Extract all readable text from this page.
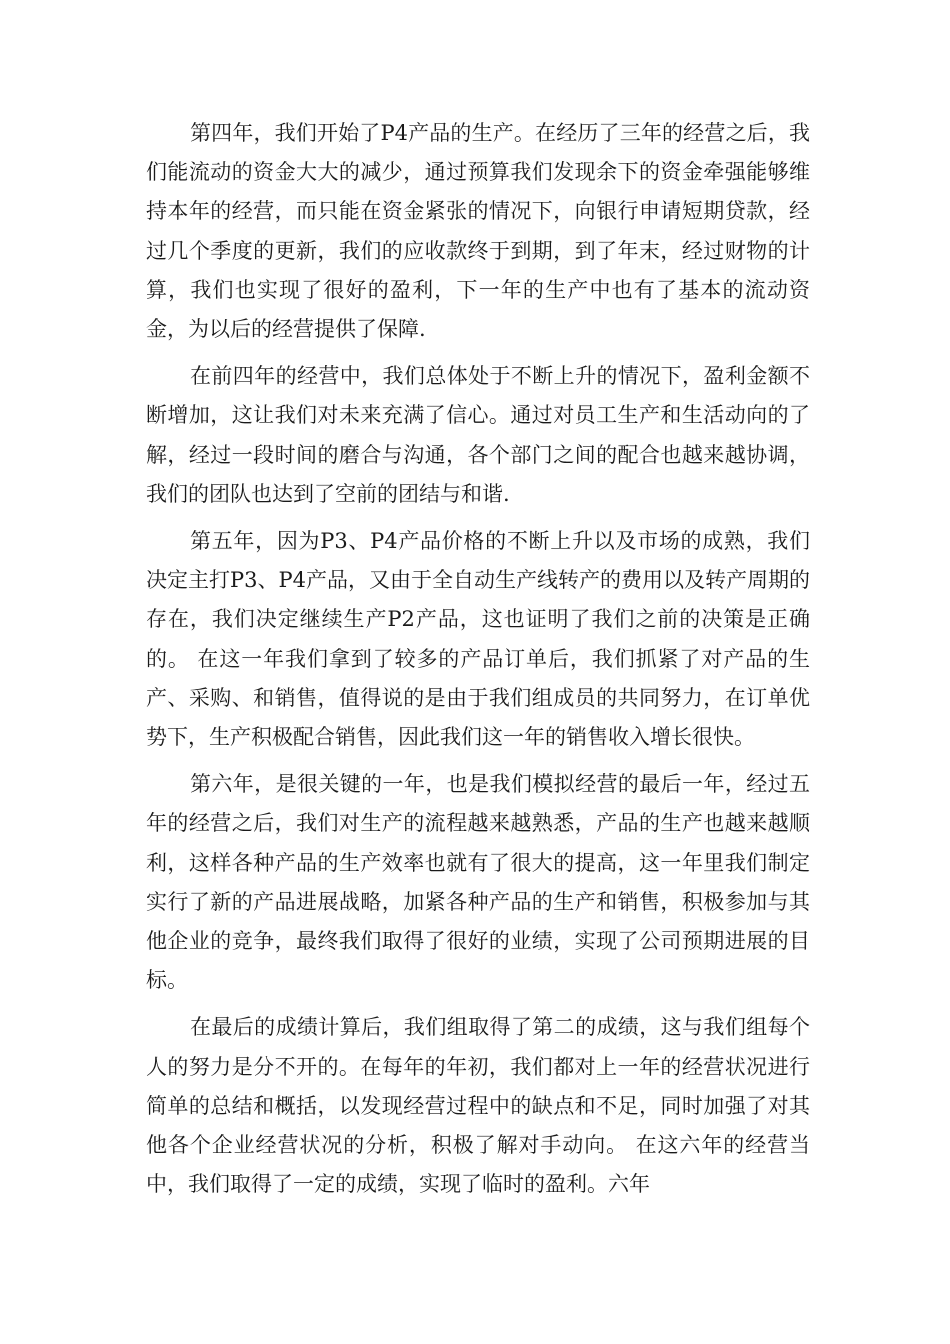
第四年，我们开始了P4产品的生产。在经历了三年的经营之后，我们能流动的资金大大的减少，通过预算我们发现余下的资金牵强能够维持本年的经营，而只能在资金紧张的情况下，向银行申请短期贷款，经过几个季度的更新，我们的应收款终于到期，到了年末，经过财物的计算，我们也实现了很好的盈利，下一年的生产中也有了基本的流动资金，为以后的经营提供了保障.

在前四年的经营中，我们总体处于不断上升的情况下，盈利金额不断增加，这让我们对未来充满了信心。通过对员工生产和生活动向的了解，经过一段时间的磨合与沟通，各个部门之间的配合也越来越协调，我们的团队也达到了空前的团结与和谐.

第五年，因为P3、P4产品价格的不断上升以及市场的成熟，我们决定主打P3、P4产品，又由于全自动生产线转产的费用以及转产周期的存在，我们决定继续生产P2产品，这也证明了我们之前的决策是正确的。 在这一年我们拿到了较多的产品订单后，我们抓紧了对产品的生产、采购、和销售，值得说的是由于我们组成员的共同努力，在订单优势下，生产积极配合销售，因此我们这一年的销售收入增长很快。

第六年，是很关键的一年，也是我们模拟经营的最后一年，经过五年的经营之后，我们对生产的流程越来越熟悉，产品的生产也越来越顺利，这样各种产品的生产效率也就有了很大的提高，这一年里我们制定实行了新的产品进展战略，加紧各种产品的生产和销售，积极参加与其他企业的竞争，最终我们取得了很好的业绩，实现了公司预期进展的目标。

在最后的成绩计算后，我们组取得了第二的成绩，这与我们组每个人的努力是分不开的。在每年的年初，我们都对上一年的经营状况进行简单的总结和概括，以发现经营过程中的缺点和不足，同时加强了对其他各个企业经营状况的分析，积极了解对手动向。 在这六年的经营当中，我们取得了一定的成绩，实现了临时的盈利。六年
